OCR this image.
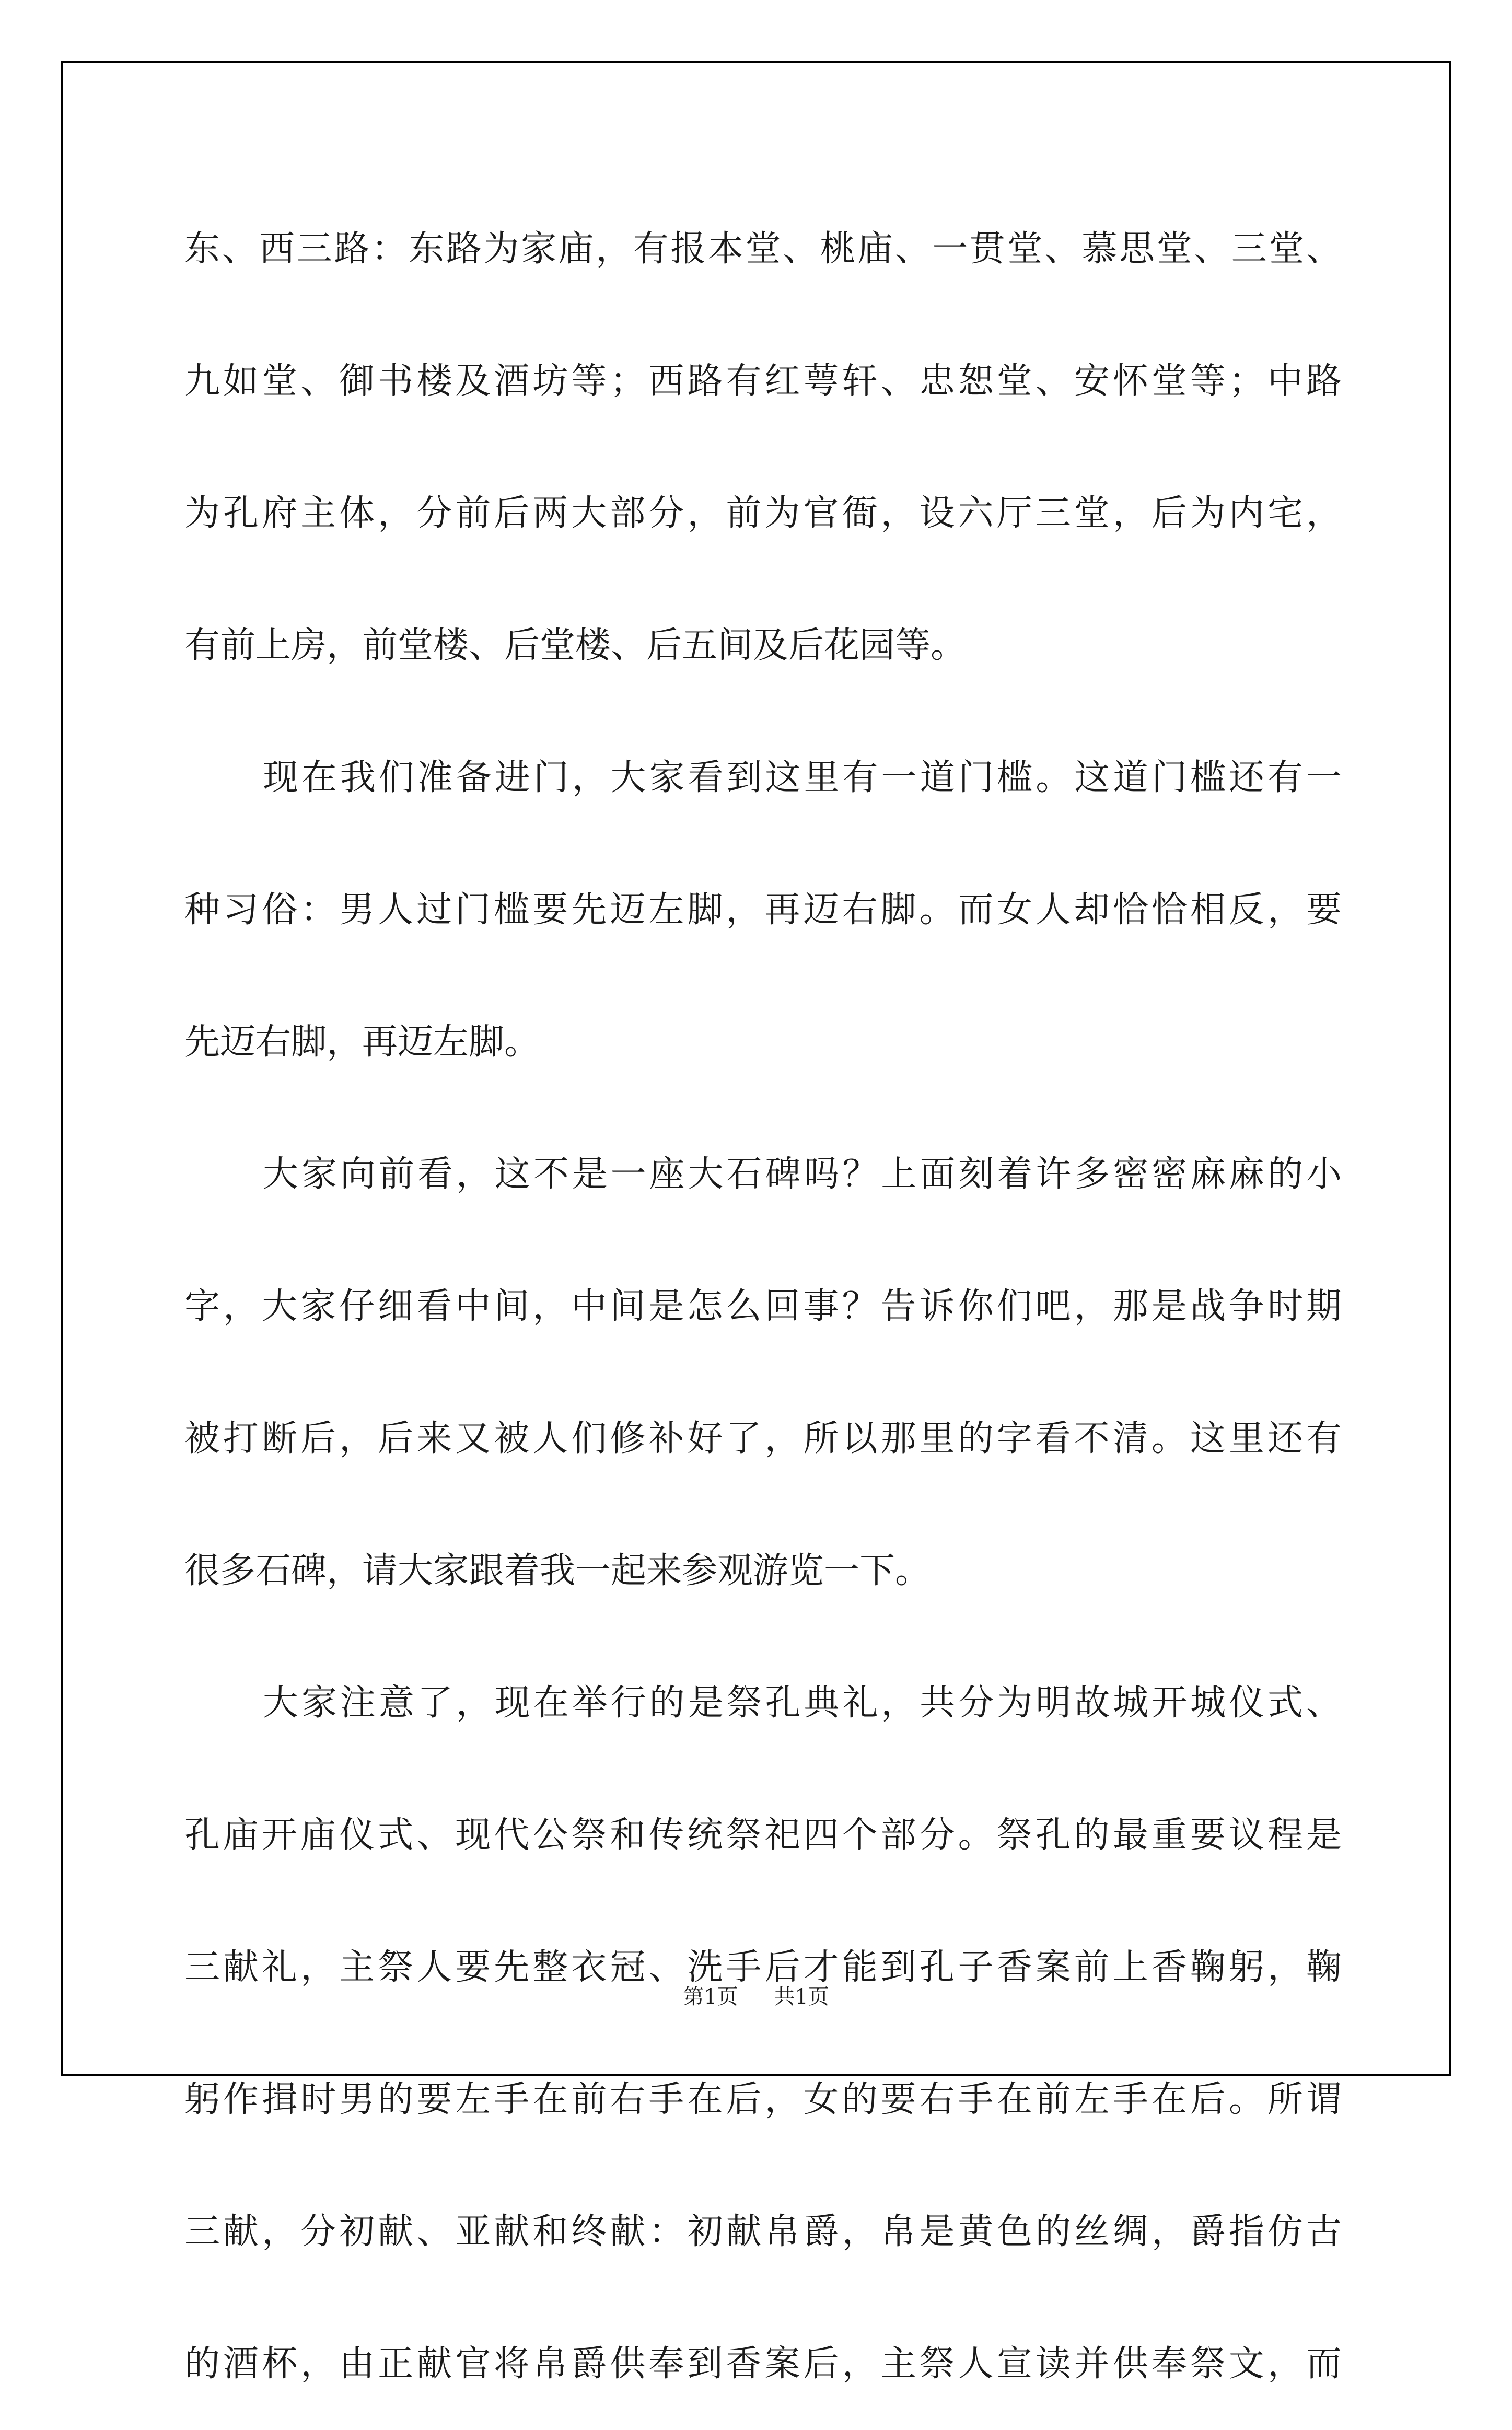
东、西三路：东路为家庙，有报本堂、桃庙、一贯堂、慕思堂、三堂、
九如堂、御书楼及酒坊等；西路有红萼轩、忠恕堂、安怀堂等；中路
为孔府主体，分前后两大部分，前为官衙，设六厅三堂，后为内宅，
有前上房，前堂楼、后堂楼、后五间及后花园等。
现在我们准备进门，大家看到这里有一道门槛。这道门槛还有一
种习俗：男人过门槛要先迈左脚，再迈右脚。而女人却恰恰相反，要
先迈右脚，再迈左脚。
大家向前看，这不是一座大石碑吗？上面刻着许多密密麻麻的小
字，大家仔细看中间，中间是怎么回事？告诉你们吧，那是战争时期
被打断后，后来又被人们修补好了，所以那里的字看不清。这里还有
很多石碑，请大家跟着我一起来参观游览一下。
大家注意了，现在举行的是祭孔典礼，共分为明故城开城仪式、
孔庙开庙仪式、现代公祭和传统祭祀四个部分。祭孔的最重要议程是
三献礼，主祭人要先整衣冠、洗手后才能到孔子香案前上香鞠躬，鞠
躬作揖时男的要左手在前右手在后，女的要右手在前左手在后。所谓
三献，分初献、亚献和终献：初献帛爵，帛是黄色的丝绸，爵指仿古
的酒杯，由正献官将帛爵供奉到香案后，主祭人宣读并供奉祭文，而
第1页 共1页
